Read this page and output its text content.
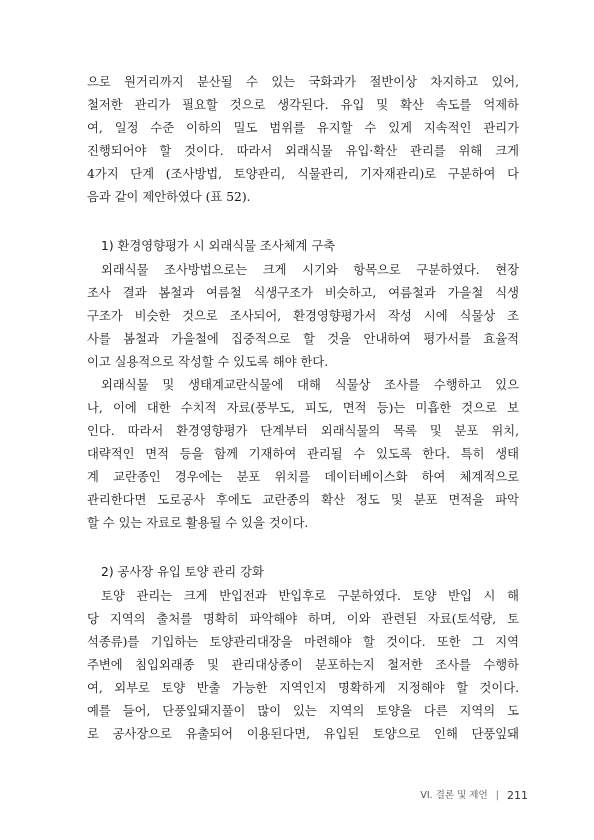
으로 원거리까지 분산될 수 있는 국화과가 절반이상 차지하고 있어,
철저한 관리가 필요할 것으로 생각된다. 유입 및 확산 속도를 억제하
여, 일정 수준 이하의 밀도 범위를 유지할 수 있게 지속적인 관리가
진행되어야 할 것이다. 따라서 외래식물 유입·확산 관리를 위해 크게
4가지 단계 (조사방법, 토양관리, 식물관리, 기자재관리)로 구분하여 다
음과 같이 제안하였다 (표 52).
1) 환경영향평가 시 외래식물 조사체계 구축
외래식물 조사방법으로는 크게 시기와 항목으로 구분하였다. 현장
조사 결과 봄철과 여름철 식생구조가 비슷하고, 여름철과 가을철 식생
구조가 비슷한 것으로 조사되어, 환경영향평가서 작성 시에 식물상 조
사를 봄철과 가을철에 집중적으로 할 것을 안내하여 평가서를 효율적
이고 실용적으로 작성할 수 있도록 해야 한다.
외래식물 및 생태계교란식물에 대해 식물상 조사를 수행하고 있으
나, 이에 대한 수치적 자료(풍부도, 피도, 면적 등)는 미흡한 것으로 보
인다. 따라서 환경영향평가 단계부터 외래식물의 목록 및 분포 위치,
대략적인 면적 등을 함께 기재하여 관리될 수 있도록 한다. 특히 생태
계 교란종인 경우에는 분포 위치를 데이터베이스화 하여 체계적으로
관리한다면 도로공사 후에도 교란종의 확산 정도 및 분포 면적을 파악
할 수 있는 자료로 활용될 수 있을 것이다.
2) 공사장 유입 토양 관리 강화
토양 관리는 크게 반입전과 반입후로 구분하였다. 토양 반입 시 해
당 지역의 출처를 명확히 파악해야 하며, 이와 관련된 자료(토석량, 토
석종류)를 기입하는 토양관리대장을 마련해야 할 것이다. 또한 그 지역
주변에 침입외래종 및 관리대상종이 분포하는지 철저한 조사를 수행하
여, 외부로 토양 반출 가능한 지역인지 명확하게 지정해야 할 것이다.
예를 들어, 단풍잎돼지풀이 많이 있는 지역의 토양을 다른 지역의 도
로 공사장으로 유출되어 이용된다면, 유입된 토양으로 인해 단풍잎돼
VI. 결론 및 제언 | 211
